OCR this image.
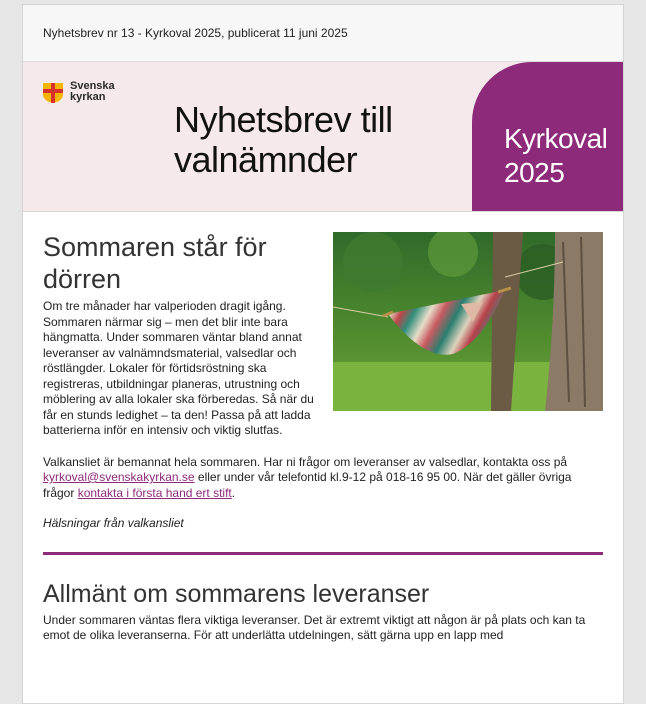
Nyhetsbrev nr 13 - Kyrkoval 2025, publicerat 11 juni 2025
Svenska
kyrkan
Nyhetsbrev till
valnämnder
Kyrkoval
2025
Sommaren står för
dörren

Om tre månader har valperioden dragit igång. Sommaren närmar sig – men det blir inte bara hängmatta. Under sommaren väntar bland annat leveranser av valnämndsmaterial, valsedlar och röstlängder. Lokaler för förtidsröstning ska registreras, utbildningar planeras, utrustning och möblering av alla lokaler ska förberedas. Så när du får en stunds ledighet – ta den! Passa på att ladda batterierna inför en intensiv och viktig slutfas.

Valkansliet är bemannat hela sommaren. Har ni frågor om leveranser av valsedlar, kontakta oss på kyrkoval@svenskakyrkan.se eller under vår telefontid kl.9-12 på 018-16 95 00. När det gäller övriga frågor kontakta i första hand ert stift.

Hälsningar från valkansliet

Allmänt om sommarens leveranser

Under sommaren väntas flera viktiga leveranser. Det är extremt viktigt att någon är på plats och kan ta emot de olika leveranserna. För att underlätta utdelningen, sätt gärna upp en lapp med
